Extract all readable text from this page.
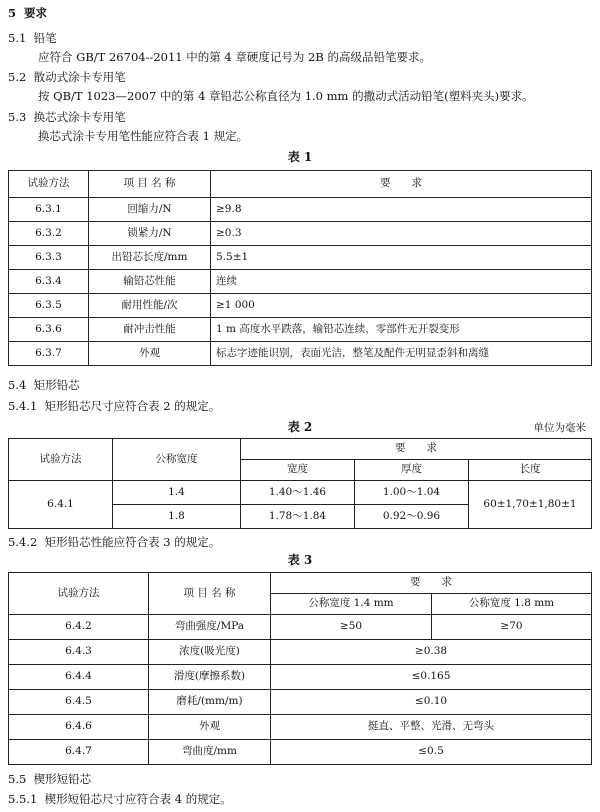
5 要求
5.1 铅笔
应符合 GB/T 26704--2011 中的第 4 章硬度记号为 2B 的高级品铅笔要求。
5.2 散动式涂卡专用笔
按 QB/T 1023—2007 中的第 4 章铅芯公称直径为 1.0 mm 的撒动式活动铅笔(塑料夹头)要求。
5.3 换芯式涂卡专用笔
换芯式涂卡专用笔性能应符合表 1 规定。
表 1
试验方法	项 目 名 称	要　　求
6.3.1	回缩力/N	≥9.8
6.3.2	锁紧力/N	≥0.3
6.3.3	出铅芯长度/mm	5.5±1
6.3.4	输铅芯性能	连续
6.3.5	耐用性能/次	≥1 000
6.3.6	耐冲击性能	1 m 高度水平跌落，输铅芯连续，零部件无开裂变形
6.3.7	外观	标志字迹能识别，表面光洁，整笔及配件无明显歪斜和离缝
5.4 矩形铅芯
5.4.1 矩形铅芯尺寸应符合表 2 的规定。
表 2	单位为毫米
试验方法	公称宽度	要　　求		
		宽度	厚度	长度
6.4.1	1.4	1.40～1.46	1.00～1.04	60±1,70±1,80±1
	1.8	1.78～1.84	0.92～0.96	
5.4.2 矩形铅芯性能应符合表 3 的规定。
表 3
试验方法	项 目 名 称	要　　求	
		公称宽度 1.4 mm	公称宽度 1.8 mm
6.4.2	弯曲强度/MPa	≥50	≥70
6.4.3	浓度(吸光度)	≥0.38	
6.4.4	滑度(摩擦系数)	≤0.165	
6.4.5	磨耗/(mm/m)	≤0.10	
6.4.6	外观	挺直、平整、光滑、无弯头	
6.4.7	弯曲度/mm	≤0.5	
5.5 楔形短铅芯
5.5.1 楔形短铅芯尺寸应符合表 4 的规定。
